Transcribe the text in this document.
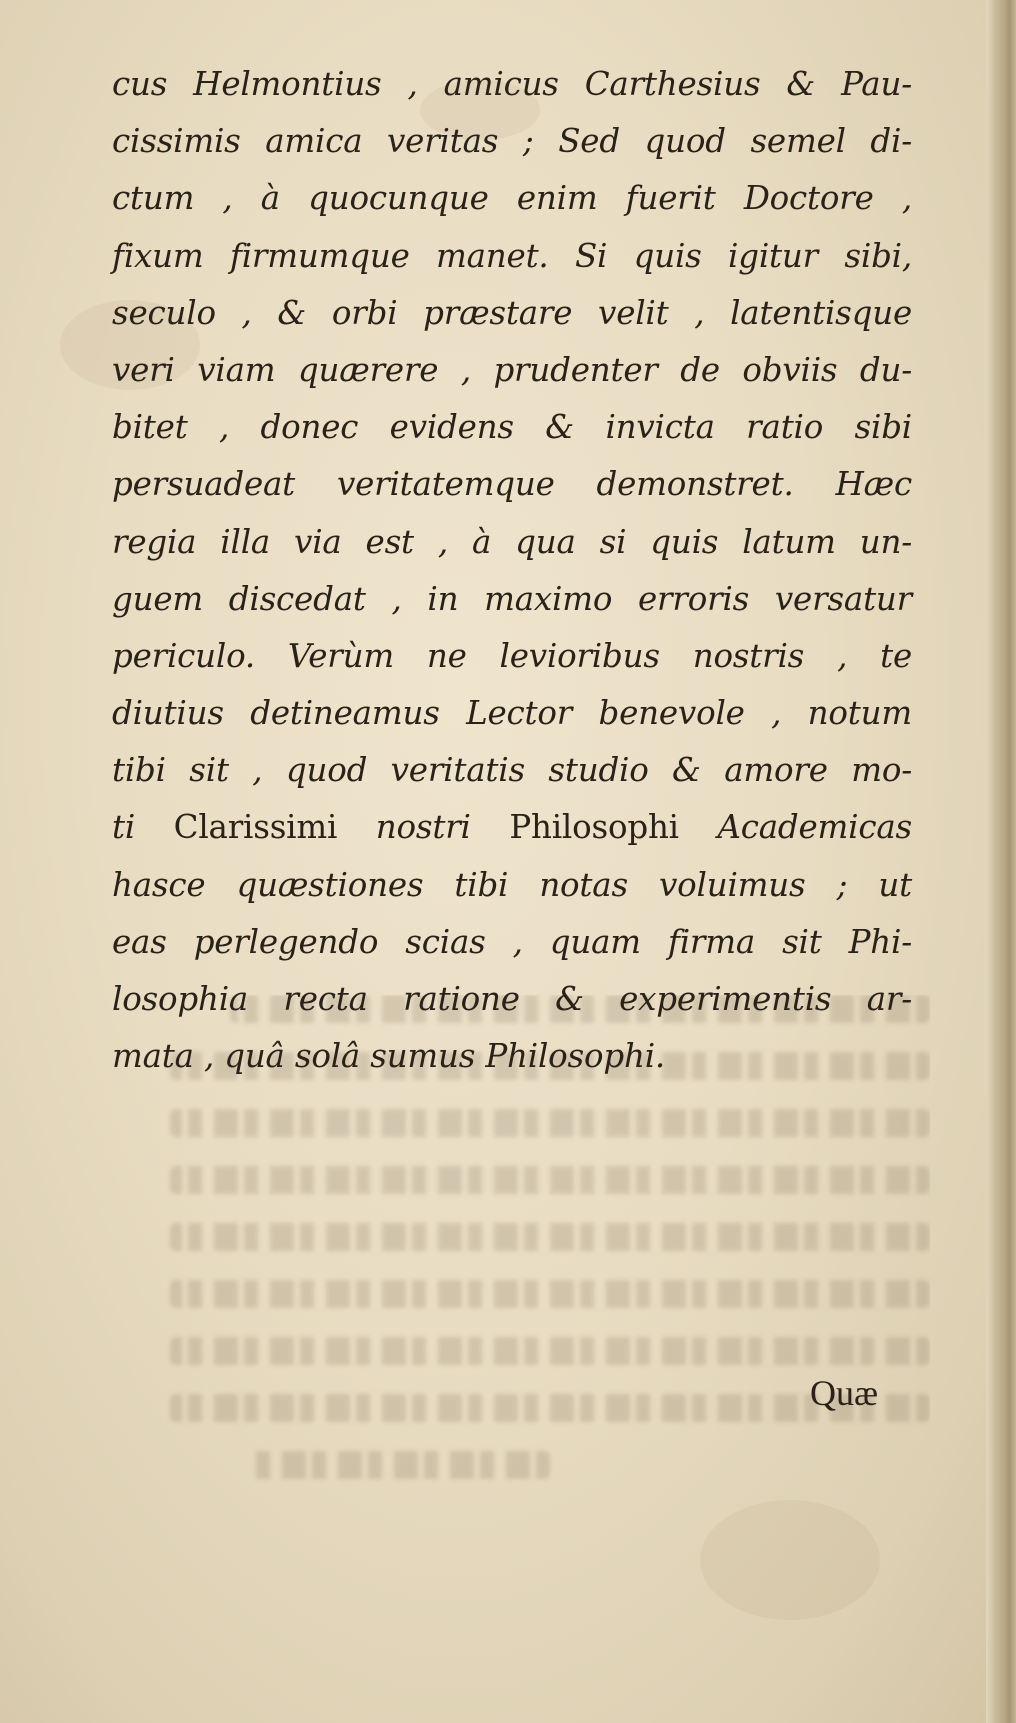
cus Helmontius , amicus Carthesius & Pau-
cissimis amica veritas ; Sed quod semel di-
ctum , à quocunque enim fuerit Doctore ,
fixum firmumque manet. Si quis igitur sibi,
seculo , & orbi præstare velit , latentisque
veri viam quærere , prudenter de obviis du-
bitet , donec evidens & invicta ratio sibi
persuadeat veritatemque demonstret. Hæc
regia illa via est , à qua si quis latum un-
guem discedat , in maximo erroris versatur
periculo. Verùm ne levioribus nostris , te
diutius detineamus Lector benevole , notum
tibi sit , quod veritatis studio & amore mo-
ti Clarissimi nostri Philosophi Academicas
hasce quæstiones tibi notas voluimus ; ut
eas perlegendo scias , quam firma sit Phi-
losophia recta ratione & experimentis ar-
mata , quâ solâ sumus Philosophi.
Quæ
